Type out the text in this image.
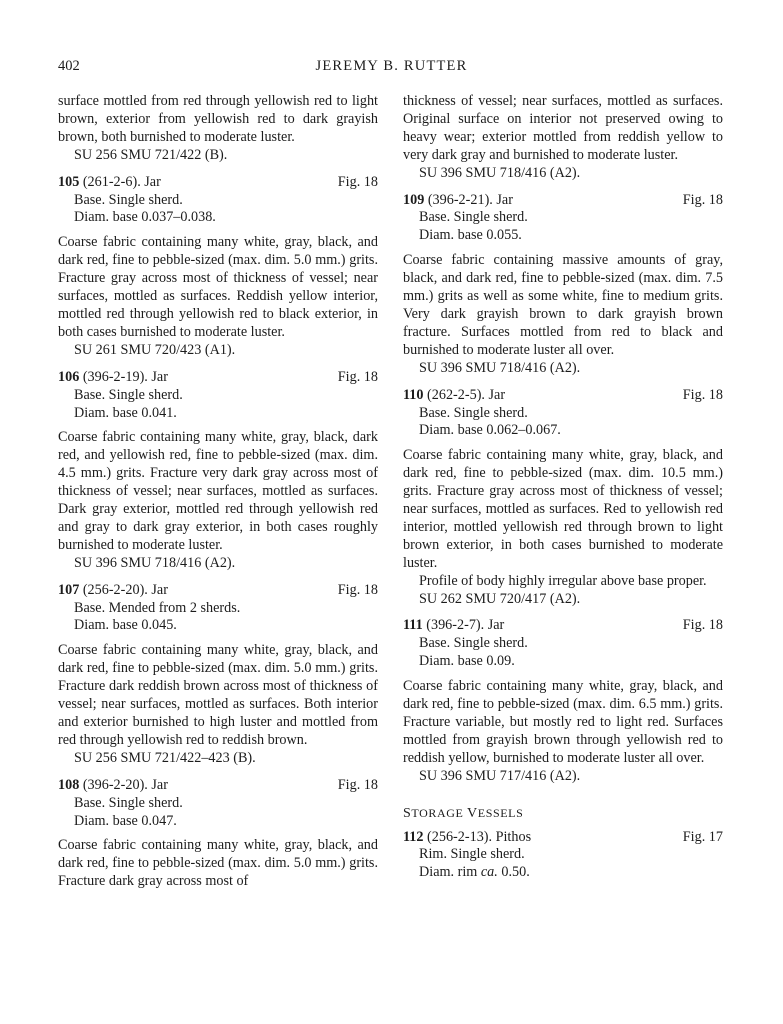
402	JEREMY B. RUTTER

surface mottled from red through yellowish red to light brown, exterior from yellowish red to dark grayish brown, both burnished to moderate luster.

SU 256 SMU 721/422 (B).

105 (261-2-6). Jar	Fig. 18

Base. Single sherd.

Diam. base 0.037–0.038.

Coarse fabric containing many white, gray, black, and dark red, fine to pebble-sized (max. dim. 5.0 mm.) grits. Fracture gray across most of thickness of vessel; near surfaces, mottled as surfaces. Reddish yellow interior, mottled red through yellowish red to black exterior, in both cases burnished to moderate luster.

SU 261 SMU 720/423 (A1).

106 (396-2-19). Jar	Fig. 18

Base. Single sherd.

Diam. base 0.041.

Coarse fabric containing many white, gray, black, dark red, and yellowish red, fine to pebble-sized (max. dim. 4.5 mm.) grits. Fracture very dark gray across most of thickness of vessel; near surfaces, mottled as surfaces. Dark gray exterior, mottled red through yellowish red and gray to dark gray exterior, in both cases roughly burnished to moderate luster.

SU 396 SMU 718/416 (A2).

107 (256-2-20). Jar	Fig. 18

Base. Mended from 2 sherds.

Diam. base 0.045.

Coarse fabric containing many white, gray, black, and dark red, fine to pebble-sized (max. dim. 5.0 mm.) grits. Fracture dark reddish brown across most of thickness of vessel; near surfaces, mottled as surfaces. Both interior and exterior burnished to high luster and mottled from red through yellowish red to reddish brown.

SU 256 SMU 721/422–423 (B).

108 (396-2-20). Jar	Fig. 18

Base. Single sherd.

Diam. base 0.047.

Coarse fabric containing many white, gray, black, and dark red, fine to pebble-sized (max. dim. 5.0 mm.) grits. Fracture dark gray across most of

thickness of vessel; near surfaces, mottled as surfaces. Original surface on interior not preserved owing to heavy wear; exterior mottled from reddish yellow to very dark gray and burnished to moderate luster.

SU 396 SMU 718/416 (A2).

109 (396-2-21). Jar	Fig. 18

Base. Single sherd.

Diam. base 0.055.

Coarse fabric containing massive amounts of gray, black, and dark red, fine to pebble-sized (max. dim. 7.5 mm.) grits as well as some white, fine to medium grits. Very dark grayish brown to dark grayish brown fracture. Surfaces mottled from red to black and burnished to moderate luster all over.

SU 396 SMU 718/416 (A2).

110 (262-2-5). Jar	Fig. 18

Base. Single sherd.

Diam. base 0.062–0.067.

Coarse fabric containing many white, gray, black, and dark red, fine to pebble-sized (max. dim. 10.5 mm.) grits. Fracture gray across most of thickness of vessel; near surfaces, mottled as surfaces. Red to yellowish red interior, mottled yellowish red through brown to light brown exterior, in both cases burnished to moderate luster.

Profile of body highly irregular above base proper.

SU 262 SMU 720/417 (A2).

111 (396-2-7). Jar	Fig. 18

Base. Single sherd.

Diam. base 0.09.

Coarse fabric containing many white, gray, black, and dark red, fine to pebble-sized (max. dim. 6.5 mm.) grits. Fracture variable, but mostly red to light red. Surfaces mottled from grayish brown through yellowish red to reddish yellow, burnished to moderate luster all over.

SU 396 SMU 717/416 (A2).

STORAGE VESSELS
112 (256-2-13). Pithos	Fig. 17

Rim. Single sherd.

Diam. rim ca. 0.50.
